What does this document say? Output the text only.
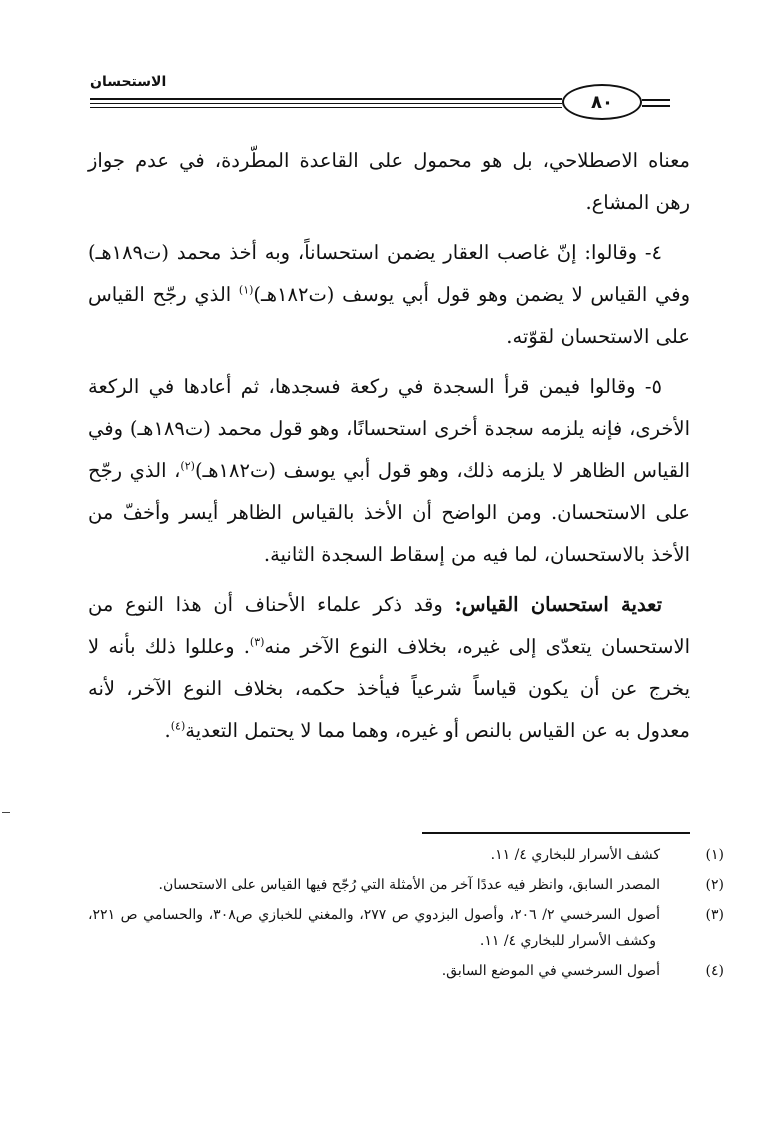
الاستحسان
٨٠

معناه الاصطلاحي، بل هو محمول على القاعدة المطّردة، في عدم جواز رهن المشاع.

٤- وقالوا: إنّ غاصب العقار يضمن استحساناً، وبه أخذ محمد (ت١٨٩هـ) وفي القياس لا يضمن وهو قول أبي يوسف (ت١٨٢هـ)$^{(١)}$ الذي رجّح القياس على الاستحسان لقوّته.

٥- وقالوا فيمن قرأ السجدة في ركعة فسجدها، ثم أعادها في الركعة الأخرى، فإنه يلزمه سجدة أخرى استحسانًا، وهو قول محمد (ت١٨٩هـ) وفي القياس الظاهر لا يلزمه ذلك، وهو قول أبي يوسف (ت١٨٢هـ)$^{(٢)}$، الذي رجّح على الاستحسان. ومن الواضح أن الأخذ بالقياس الظاهر أيسر وأخفّ من الأخذ بالاستحسان، لما فيه من إسقاط السجدة الثانية.

تعدية استحسان القياس: وقد ذكر علماء الأحناف أن هذا النوع من الاستحسان يتعدّى إلى غيره، بخلاف النوع الآخر منه$^{(٣)}$. وعللوا ذلك بأنه لا يخرج عن أن يكون قياساً شرعياً فيأخذ حكمه، بخلاف النوع الآخر، لأنه معدول به عن القياس بالنص أو غيره، وهما مما لا يحتمل التعدية$^{(٤)}$.

(١)كشف الأسرار للبخاري ٤/ ١١.

(٢)المصدر السابق، وانظر فيه عددًا آخر من الأمثلة التي رُجّح فيها القياس على الاستحسان.

(٣)أصول السرخسي ٢/ ٢٠٦، وأصول البزدوي ص ٢٧٧، والمغني للخبازي ص٣٠٨، والحسامي ص ٢٢١، وكشف الأسرار للبخاري ٤/ ١١.

(٤)أصول السرخسي في الموضع السابق.
